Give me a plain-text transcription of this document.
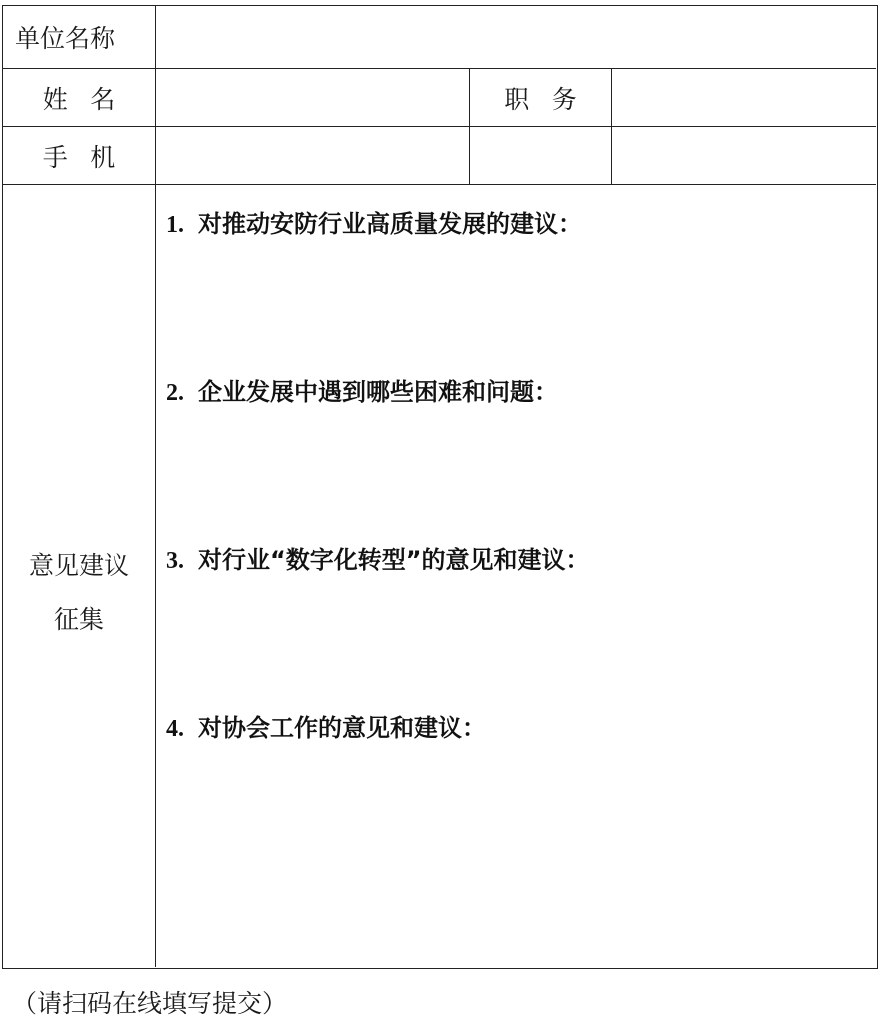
单位名称
姓名	职务
手机
意见建议
征集
1. 对推动安防行业高质量发展的建议：
2. 企业发展中遇到哪些困难和问题：
3. 对行业“数字化转型”的意见和建议：
4. 对协会工作的意见和建议：
（请扫码在线填写提交）
